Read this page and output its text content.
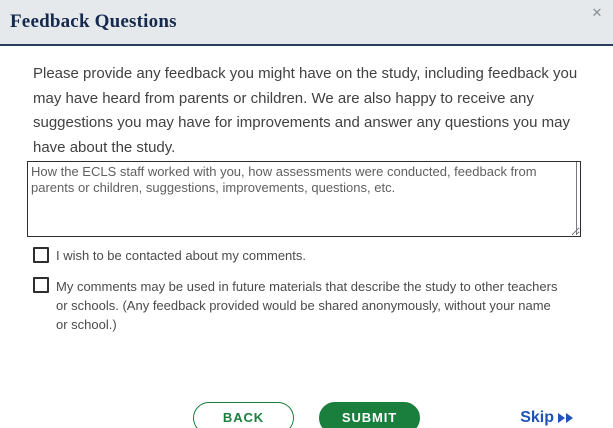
Feedback Questions	✕

Please provide any feedback you might have on the study, including feedback you may have heard from parents or children. We are also happy to receive any suggestions you may have for improvements and answer any questions you may have about the study.

How the ECLS staff worked with you, how assessments were conducted, feedback from parents or children, suggestions, improvements, questions, etc.
I wish to be contacted about my comments.
My comments may be used in future materials that describe the study to other teachers or schools. (Any feedback provided would be shared anonymously, without your name or school.)
BACK	SUBMIT	Skip
